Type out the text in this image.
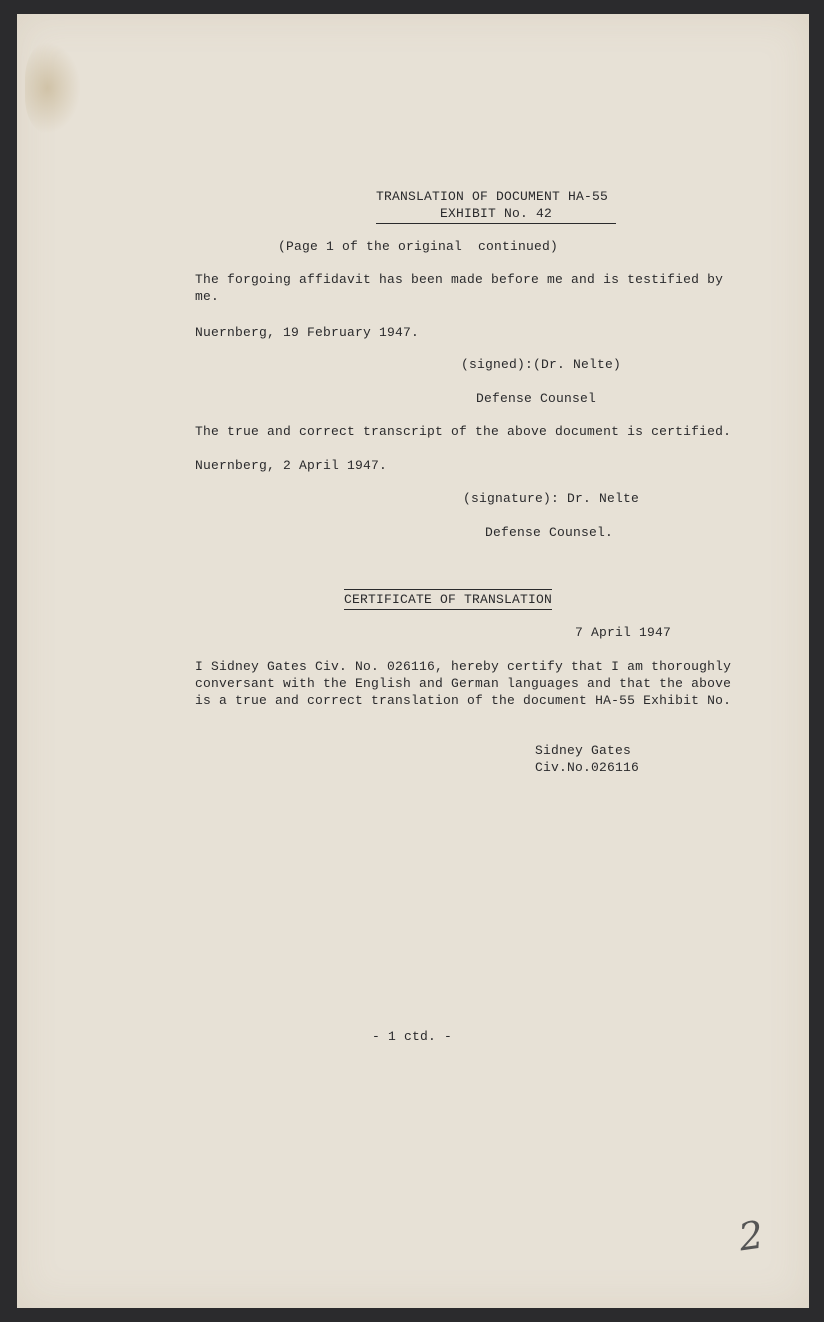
TRANSLATION OF DOCUMENT HA-55
EXHIBIT No. 42
(Page 1 of the original  continued)
The forgoing affidavit has been made before me and is testified by
me.
Nuernberg, 19 February 1947.
(signed):(Dr. Nelte)
Defense Counsel
The true and correct transcript of the above document is certified.
Nuernberg, 2 April 1947.
(signature): Dr. Nelte
Defense Counsel.
CERTIFICATE OF TRANSLATION
7 April 1947
I Sidney Gates Civ. No. 026116, hereby certify that I am thoroughly
conversant with the English and German languages and that the above
is a true and correct translation of the document HA-55 Exhibit No.
Sidney Gates
Civ.No.026116
- 1 ctd. -
2
